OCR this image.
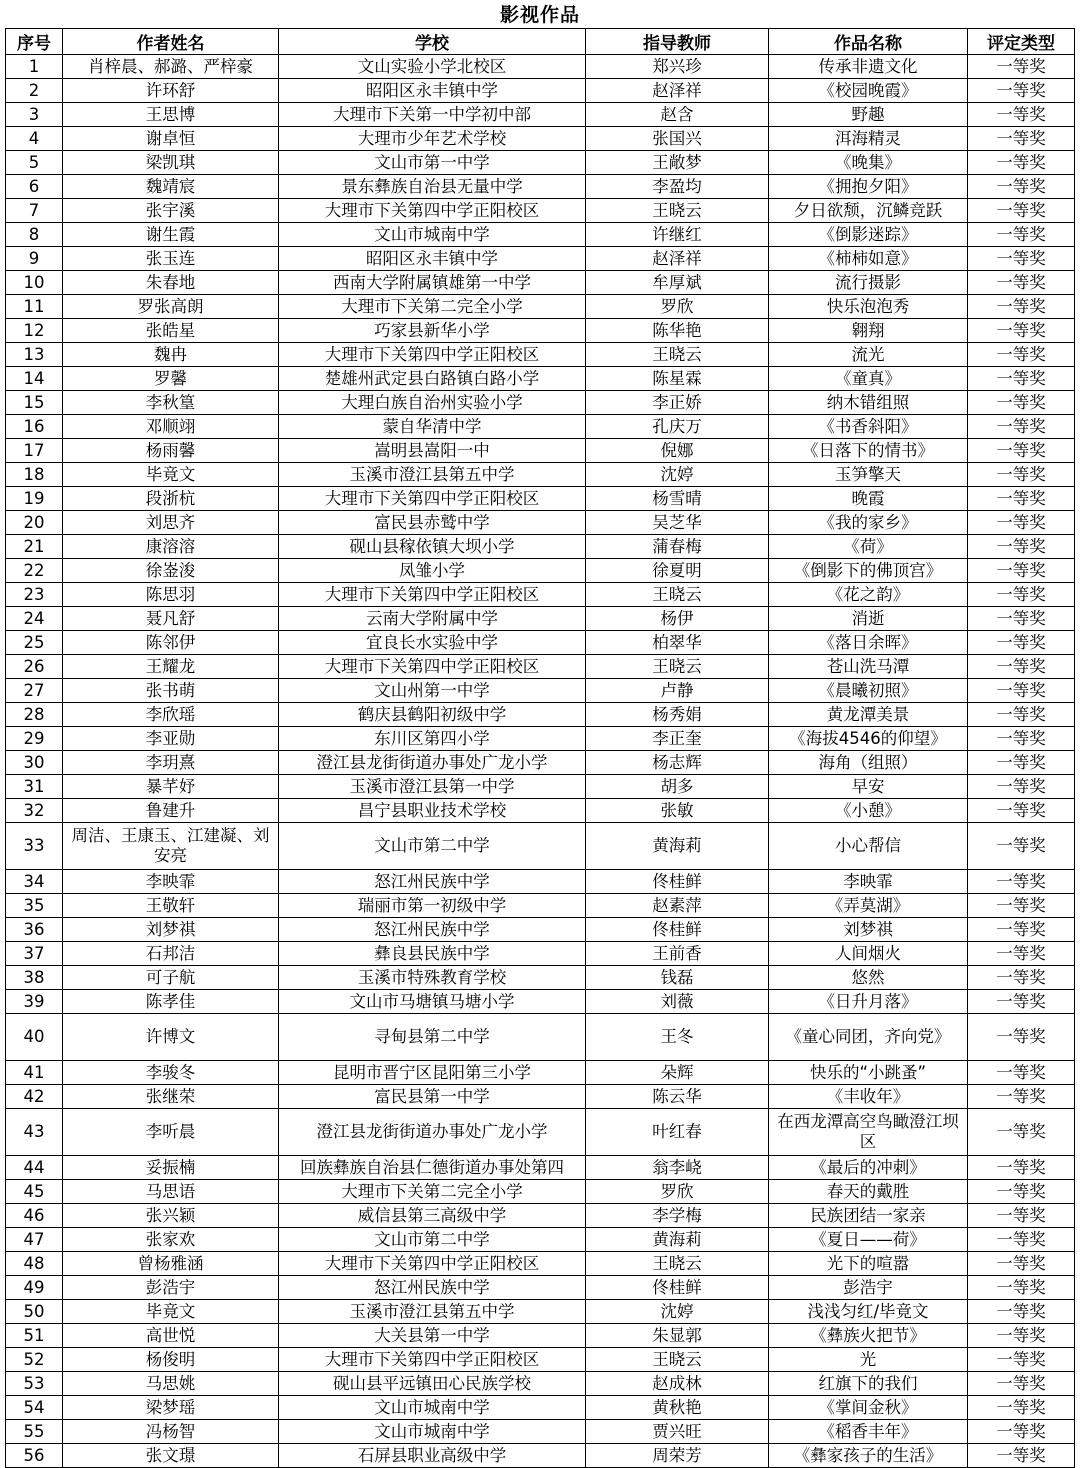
影视作品
序号	作者姓名	学校	指导教师	作品名称	评定类型
1	肖梓晨、郝潞、严梓豪	文山实验小学北校区	郑兴珍	传承非遗文化	一等奖
2	许环舒	昭阳区永丰镇中学	赵泽祥	《校园晚霞》	一等奖
3	王思博	大理市下关第一中学初中部	赵含	野趣	一等奖
4	谢卓恒	大理市少年艺术学校	张国兴	洱海精灵	一等奖
5	梁凯琪	文山市第一中学	王敞梦	《晚集》	一等奖
6	魏靖宸	景东彝族自治县无量中学	李盈均	《拥抱夕阳》	一等奖
7	张宇溪	大理市下关第四中学正阳校区	王晓云	夕日欲颓，沉鳞竞跃	一等奖
8	谢生霞	文山市城南中学	许继红	《倒影迷踪》	一等奖
9	张玉连	昭阳区永丰镇中学	赵泽祥	《柿柿如意》	一等奖
10	朱春地	西南大学附属镇雄第一中学	牟厚斌	流行摄影	一等奖
11	罗张高朗	大理市下关第二完全小学	罗欣	快乐泡泡秀	一等奖
12	张皓星	巧家县新华小学	陈华艳	翱翔	一等奖
13	魏冉	大理市下关第四中学正阳校区	王晓云	流光	一等奖
14	罗馨	楚雄州武定县白路镇白路小学	陈星霖	《童真》	一等奖
15	李秋篁	大理白族自治州实验小学	李正娇	纳木错组照	一等奖
16	邓顺翊	蒙自华清中学	孔庆万	《书香斜阳》	一等奖
17	杨雨馨	嵩明县嵩阳一中	倪娜	《日落下的情书》	一等奖
18	毕竟文	玉溪市澄江县第五中学	沈婷	玉笋擎天	一等奖
19	段浙杭	大理市下关第四中学正阳校区	杨雪晴	晚霞	一等奖
20	刘思齐	富民县赤鹫中学	吴芝华	《我的家乡》	一等奖
21	康溶溶	砚山县稼依镇大坝小学	蒲春梅	《荷》	一等奖
22	徐崟浚	凤雏小学	徐夏明	《倒影下的佛顶宫》	一等奖
23	陈思羽	大理市下关第四中学正阳校区	王晓云	《花之韵》	一等奖
24	聂凡舒	云南大学附属中学	杨伊	消逝	一等奖
25	陈邻伊	宜良长水实验中学	柏翠华	《落日余晖》	一等奖
26	王耀龙	大理市下关第四中学正阳校区	王晓云	苍山洗马潭	一等奖
27	张书萌	文山州第一中学	卢静	《晨曦初照》	一等奖
28	李欣瑶	鹤庆县鹤阳初级中学	杨秀娟	黄龙潭美景	一等奖
29	李亚勋	东川区第四小学	李正奎	《海拔4546的仰望》	一等奖
30	李玥熹	澄江县龙街街道办事处广龙小学	杨志辉	海角（组照）	一等奖
31	暴芊妤	玉溪市澄江县第一中学	胡多	早安	一等奖
32	鲁建升	昌宁县职业技术学校	张敏	《小憩》	一等奖
33	周洁、王康玉、江建凝、刘安亮	文山市第二中学	黄海莉	小心帮信	一等奖
34	李映霏	怒江州民族中学	佟桂鲜	李映霏	一等奖
35	王敬轩	瑞丽市第一初级中学	赵素萍	《弄莫湖》	一等奖
36	刘梦祺	怒江州民族中学	佟桂鲜	刘梦祺	一等奖
37	石邦洁	彝良县民族中学	王前香	人间烟火	一等奖
38	可子航	玉溪市特殊教育学校	钱磊	悠然	一等奖
39	陈孝佳	文山市马塘镇马塘小学	刘薇	《日升月落》	一等奖
40	许博文	寻甸县第二中学	王冬	《童心同团，齐向党》	一等奖
41	李骏冬	昆明市晋宁区昆阳第三小学	朵辉	快乐的“小跳蚤”	一等奖
42	张继荣	富民县第一中学	陈云华	《丰收年》	一等奖
43	李听晨	澄江县龙街街道办事处广龙小学	叶红春	在西龙潭高空鸟瞰澄江坝区	一等奖
44	妥振楠	回族彝族自治县仁德街道办事处第四	翁李峣	《最后的冲刺》	一等奖
45	马思语	大理市下关第二完全小学	罗欣	春天的戴胜	一等奖
46	张兴颖	威信县第三高级中学	李学梅	民族团结一家亲	一等奖
47	张家欢	文山市第二中学	黄海莉	《夏日——荷》	一等奖
48	曾杨雅涵	大理市下关第四中学正阳校区	王晓云	光下的喧嚣	一等奖
49	彭浩宇	怒江州民族中学	佟桂鲜	彭浩宇	一等奖
50	毕竟文	玉溪市澄江县第五中学	沈婷	浅浅匀红/毕竟文	一等奖
51	高世悦	大关县第一中学	朱显郭	《彝族火把节》	一等奖
52	杨俊明	大理市下关第四中学正阳校区	王晓云	光	一等奖
53	马思姚	砚山县平远镇田心民族学校	赵成林	红旗下的我们	一等奖
54	梁梦瑶	文山市城南中学	黄秋艳	《掌间金秋》	一等奖
55	冯杨智	文山市城南中学	贾兴旺	《稻香丰年》	一等奖
56	张文璟	石屏县职业高级中学	周荣芳	《彝家孩子的生活》	一等奖
